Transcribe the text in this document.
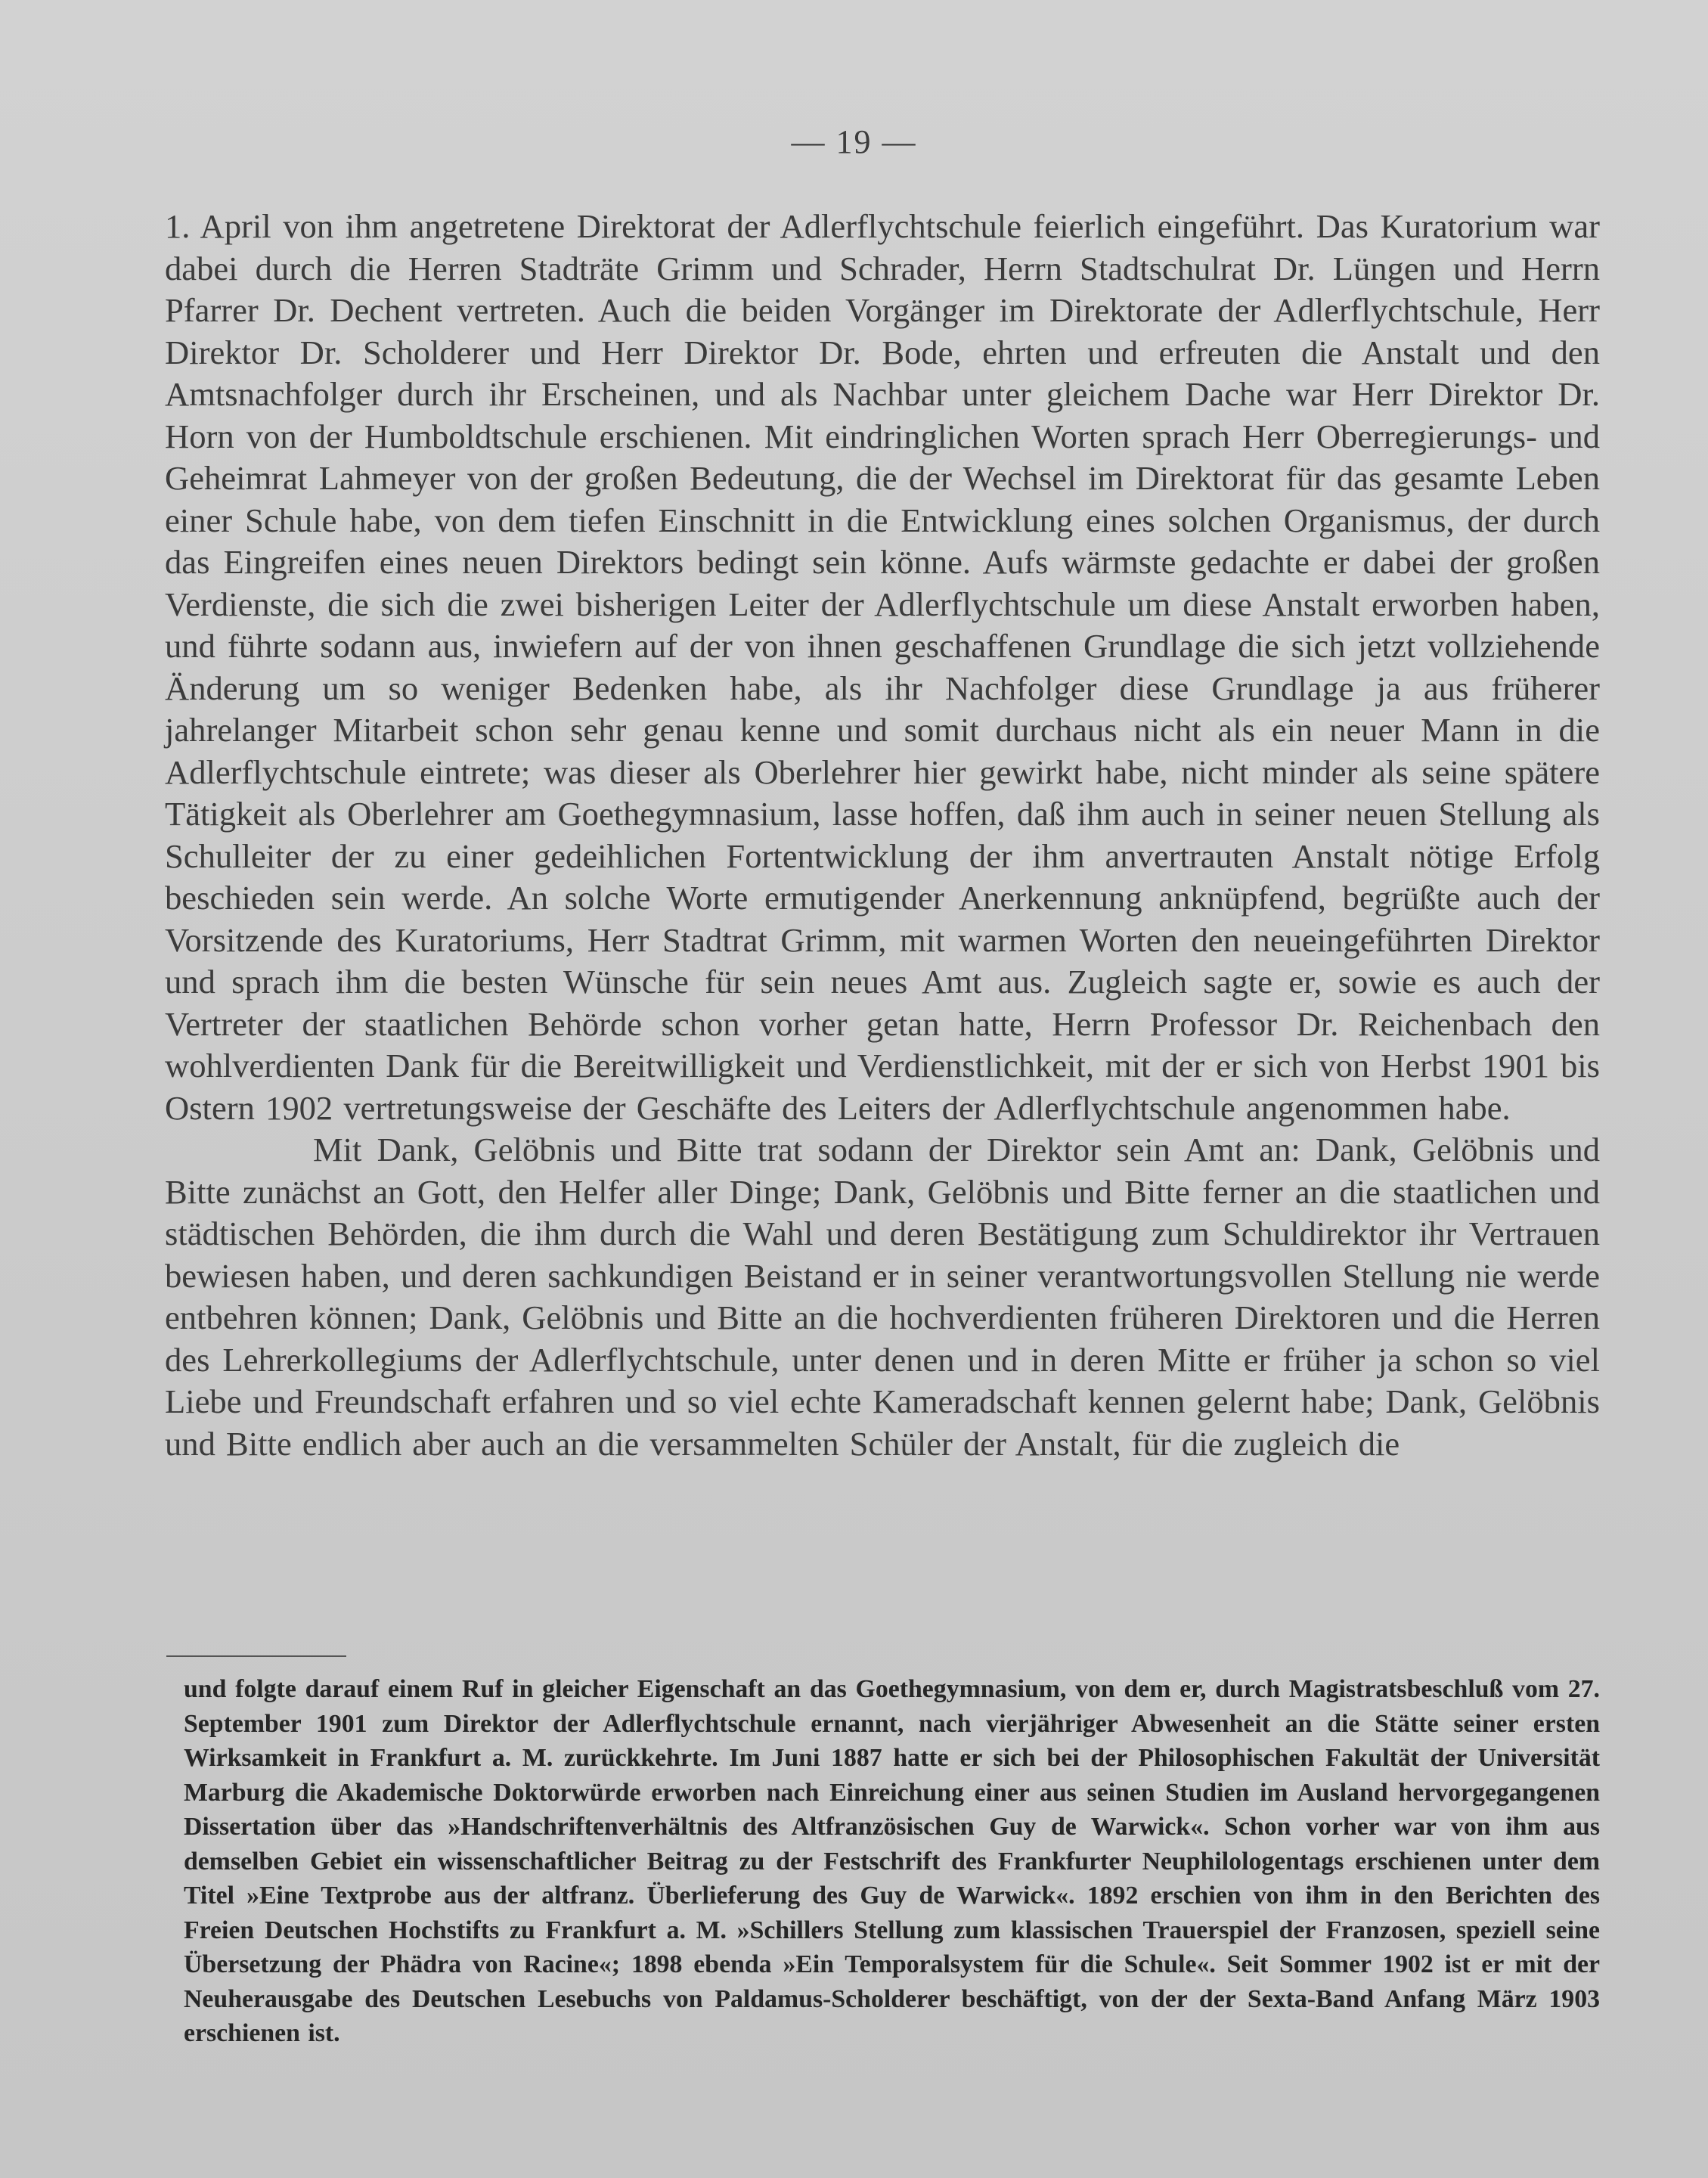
— 19 —

1. April von ihm angetretene Direktorat der Adlerflychtschule feierlich eingeführt. Das Kuratorium war dabei durch die Herren Stadträte Grimm und Schrader, Herrn Stadtschulrat Dr. Lüngen und Herrn Pfarrer Dr. Dechent vertreten. Auch die beiden Vorgänger im Direktorate der Adlerflychtschule, Herr Direktor Dr. Scholderer und Herr Direktor Dr. Bode, ehrten und erfreuten die Anstalt und den Amtsnachfolger durch ihr Erscheinen, und als Nachbar unter gleichem Dache war Herr Direktor Dr. Horn von der Humboldtschule erschienen. Mit eindringlichen Worten sprach Herr Oberregierungs- und Geheimrat Lahmeyer von der großen Bedeutung, die der Wechsel im Direktorat für das gesamte Leben einer Schule habe, von dem tiefen Einschnitt in die Entwicklung eines solchen Organismus, der durch das Eingreifen eines neuen Direktors bedingt sein könne. Aufs wärmste gedachte er dabei der großen Verdienste, die sich die zwei bisherigen Leiter der Adlerflychtschule um diese Anstalt erworben haben, und führte sodann aus, inwiefern auf der von ihnen geschaffenen Grundlage die sich jetzt vollziehende Änderung um so weniger Bedenken habe, als ihr Nachfolger diese Grundlage ja aus früherer jahrelanger Mitarbeit schon sehr genau kenne und somit durchaus nicht als ein neuer Mann in die Adlerflychtschule eintrete; was dieser als Oberlehrer hier gewirkt habe, nicht minder als seine spätere Tätigkeit als Oberlehrer am Goethegymnasium, lasse hoffen, daß ihm auch in seiner neuen Stellung als Schulleiter der zu einer gedeihlichen Fortentwicklung der ihm anvertrauten Anstalt nötige Erfolg beschieden sein werde. An solche Worte ermutigender Anerkennung anknüpfend, begrüßte auch der Vorsitzende des Kuratoriums, Herr Stadtrat Grimm, mit warmen Worten den neueingeführten Direktor und sprach ihm die besten Wünsche für sein neues Amt aus. Zugleich sagte er, sowie es auch der Vertreter der staatlichen Behörde schon vorher getan hatte, Herrn Professor Dr. Reichenbach den wohlverdienten Dank für die Bereitwilligkeit und Verdienstlichkeit, mit der er sich von Herbst 1901 bis Ostern 1902 vertretungsweise der Geschäfte des Leiters der Adlerflychtschule angenommen habe.

Mit Dank, Gelöbnis und Bitte trat sodann der Direktor sein Amt an: Dank, Gelöbnis und Bitte zunächst an Gott, den Helfer aller Dinge; Dank, Gelöbnis und Bitte ferner an die staatlichen und städtischen Behörden, die ihm durch die Wahl und deren Bestätigung zum Schuldirektor ihr Vertrauen bewiesen haben, und deren sachkundigen Beistand er in seiner verantwortungsvollen Stellung nie werde entbehren können; Dank, Gelöbnis und Bitte an die hochverdienten früheren Direktoren und die Herren des Lehrerkollegiums der Adlerflychtschule, unter denen und in deren Mitte er früher ja schon so viel Liebe und Freundschaft erfahren und so viel echte Kameradschaft kennen gelernt habe; Dank, Gelöbnis und Bitte endlich aber auch an die versammelten Schüler der Anstalt, für die zugleich die

und folgte darauf einem Ruf in gleicher Eigenschaft an das Goethegymnasium, von dem er, durch Magistratsbeschluß vom 27. September 1901 zum Direktor der Adlerflychtschule ernannt, nach vierjähriger Abwesenheit an die Stätte seiner ersten Wirksamkeit in Frankfurt a. M. zurückkehrte. Im Juni 1887 hatte er sich bei der Philosophischen Fakultät der Universität Marburg die Akademische Doktorwürde erworben nach Einreichung einer aus seinen Studien im Ausland hervorgegangenen Dissertation über das »Handschriftenverhältnis des Altfranzösischen Guy de Warwick«. Schon vorher war von ihm aus demselben Gebiet ein wissenschaftlicher Beitrag zu der Festschrift des Frankfurter Neuphilologentags erschienen unter dem Titel »Eine Textprobe aus der altfranz. Überlieferung des Guy de Warwick«. 1892 erschien von ihm in den Berichten des Freien Deutschen Hochstifts zu Frankfurt a. M. »Schillers Stellung zum klassischen Trauerspiel der Franzosen, speziell seine Übersetzung der Phädra von Racine«; 1898 ebenda »Ein Temporalsystem für die Schule«. Seit Sommer 1902 ist er mit der Neuherausgabe des Deutschen Lesebuchs von Paldamus-Scholderer beschäftigt, von der der Sexta-Band Anfang März 1903 erschienen ist.
